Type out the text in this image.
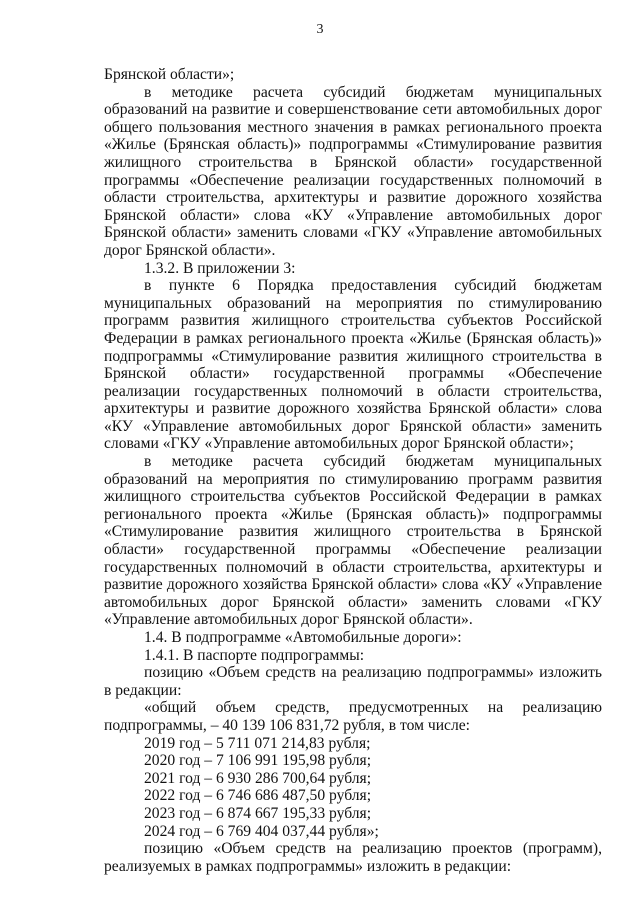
3

Брянской области»;

в методике расчета субсидий бюджетам муниципальных образований на развитие и совершенствование сети автомобильных дорог общего пользования местного значения в рамках регионального проекта «Жилье (Брянская область)» подпрограммы «Стимулирование развития жилищного строительства в Брянской области» государственной программы «Обеспечение реализации государственных полномочий в области строительства, архитектуры и развитие дорожного хозяйства Брянской области» слова «КУ «Управление автомобильных дорог Брянской области» заменить словами «ГКУ «Управление автомобильных дорог Брянской области».

1.3.2. В приложении 3:

в пункте 6 Порядка предоставления субсидий бюджетам муниципальных образований на мероприятия по стимулированию программ развития жилищного строительства субъектов Российской Федерации в рамках регионального проекта «Жилье (Брянская область)» подпрограммы «Стимулирование развития жилищного строительства в Брянской области» государственной программы «Обеспечение реализации государственных полномочий в области строительства, архитектуры и развитие дорожного хозяйства Брянской области» слова «КУ «Управление автомобильных дорог Брянской области» заменить словами «ГКУ «Управление автомобильных дорог Брянской области»;

в методике расчета субсидий бюджетам муниципальных образований на мероприятия по стимулированию программ развития жилищного строительства субъектов Российской Федерации в рамках регионального проекта «Жилье (Брянская область)» подпрограммы «Стимулирование развития жилищного строительства в Брянской области» государственной программы «Обеспечение реализации государственных полномочий в области строительства, архитектуры и развитие дорожного хозяйства Брянской области» слова «КУ «Управление автомобильных дорог Брянской области» заменить словами «ГКУ «Управление автомобильных дорог Брянской области».

1.4. В подпрограмме «Автомобильные дороги»:

1.4.1. В паспорте подпрограммы:

позицию «Объем средств на реализацию подпрограммы» изложить в редакции:

«общий объем средств, предусмотренных на реализацию подпрограммы, – 40 139 106 831,72 рубля, в том числе:

2019 год – 5 711 071 214,83 рубля;

2020 год – 7 106 991 195,98 рубля;

2021 год – 6 930 286 700,64 рубля;

2022 год – 6 746 686 487,50 рубля;

2023 год – 6 874 667 195,33 рубля;

2024 год – 6 769 404 037,44 рубля»;

позицию «Объем средств на реализацию проектов (программ), реализуемых в рамках подпрограммы» изложить в редакции:
